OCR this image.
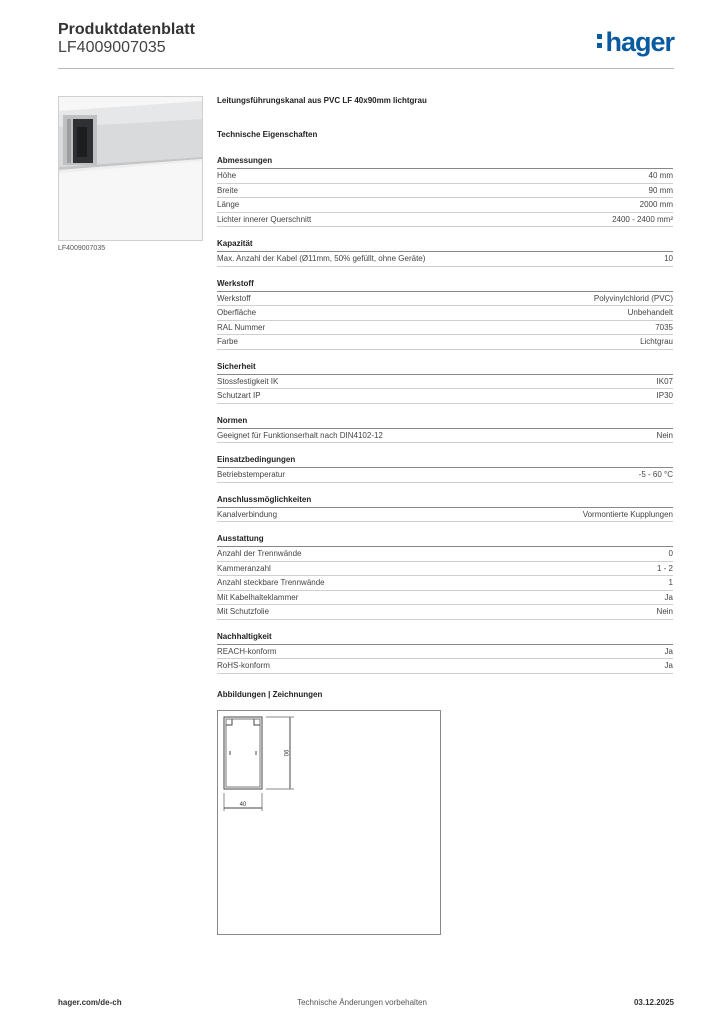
Produktdatenblatt
LF4009007035	hager
LF4009007035
Leitungsführungskanal aus PVC LF 40x90mm lichtgrau
Technische Eigenschaften
Abmessungen
Höhe	40 mm
Breite	90 mm
Länge	2000 mm
Lichter innerer Querschnitt	2400 - 2400 mm²
Kapazität
Max. Anzahl der Kabel (Ø11mm, 50% gefüllt, ohne Geräte)	10
Werkstoff
Werkstoff	Polyvinylchlorid (PVC)
Oberfläche	Unbehandelt
RAL Nummer	7035
Farbe	Lichtgrau
Sicherheit
Stossfestigkeit IK	IK07
Schutzart IP	IP30
Normen
Geeignet für Funktionserhalt nach DIN4102-12	Nein
Einsatzbedingungen
Betriebstemperatur	-5 - 60 °C
Anschlussmöglichkeiten
Kanalverbindung	Vormontierte Kupplungen
Ausstattung
Anzahl der Trennwände	0
Kammeranzahl	1 - 2
Anzahl steckbare Trennwände	1
Mit Kabelhalteklammer	Ja
Mit Schutzfolie	Nein
Nachhaltigkeit
REACH-konform	Ja
RoHS-konform	Ja
Abbildungen | Zeichnungen
90
40
hager.com/de-ch	Technische Änderungen vorbehalten	03.12.2025
